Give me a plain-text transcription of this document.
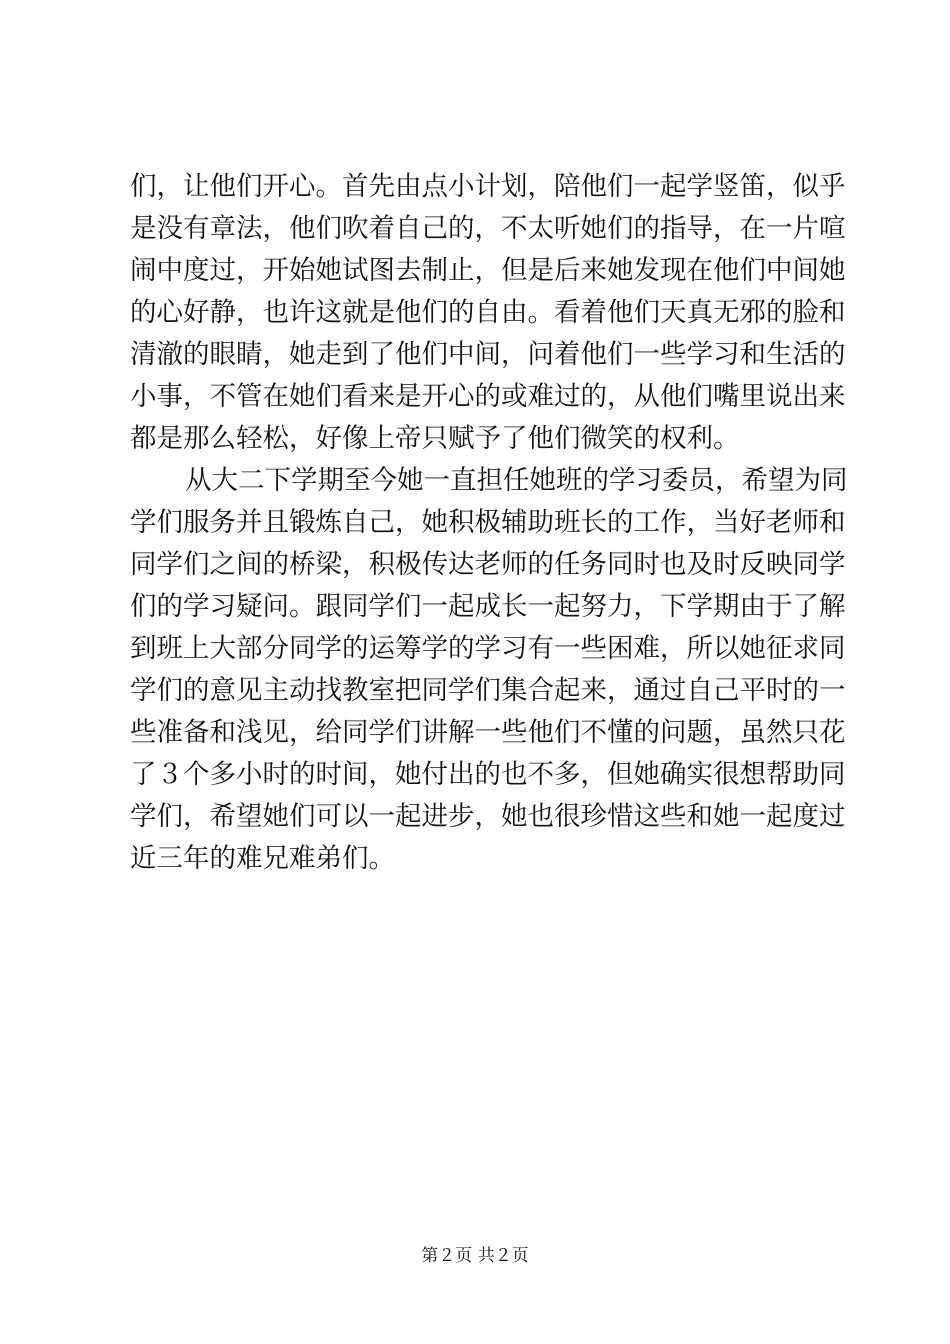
们，让他们开心。首先由点小计划，陪他们一起学竖笛，似乎
是没有章法，他们吹着自己的，不太听她们的指导，在一片喧
闹中度过，开始她试图去制止，但是后来她发现在他们中间她
的心好静，也许这就是他们的自由。看着他们天真无邪的脸和
清澈的眼睛，她走到了他们中间，问着他们一些学习和生活的
小事，不管在她们看来是开心的或难过的，从他们嘴里说出来
都是那么轻松，好像上帝只赋予了他们微笑的权利。
从大二下学期至今她一直担任她班的学习委员，希望为同
学们服务并且锻炼自己，她积极辅助班长的工作，当好老师和
同学们之间的桥梁，积极传达老师的任务同时也及时反映同学
们的学习疑问。跟同学们一起成长一起努力，下学期由于了解
到班上大部分同学的运筹学的学习有一些困难，所以她征求同
学们的意见主动找教室把同学们集合起来，通过自己平时的一
些准备和浅见，给同学们讲解一些他们不懂的问题，虽然只花
了３个多小时的时间，她付出的也不多，但她确实很想帮助同
学们，希望她们可以一起进步，她也很珍惜这些和她一起度过
近三年的难兄难弟们。
第２页 共２页
